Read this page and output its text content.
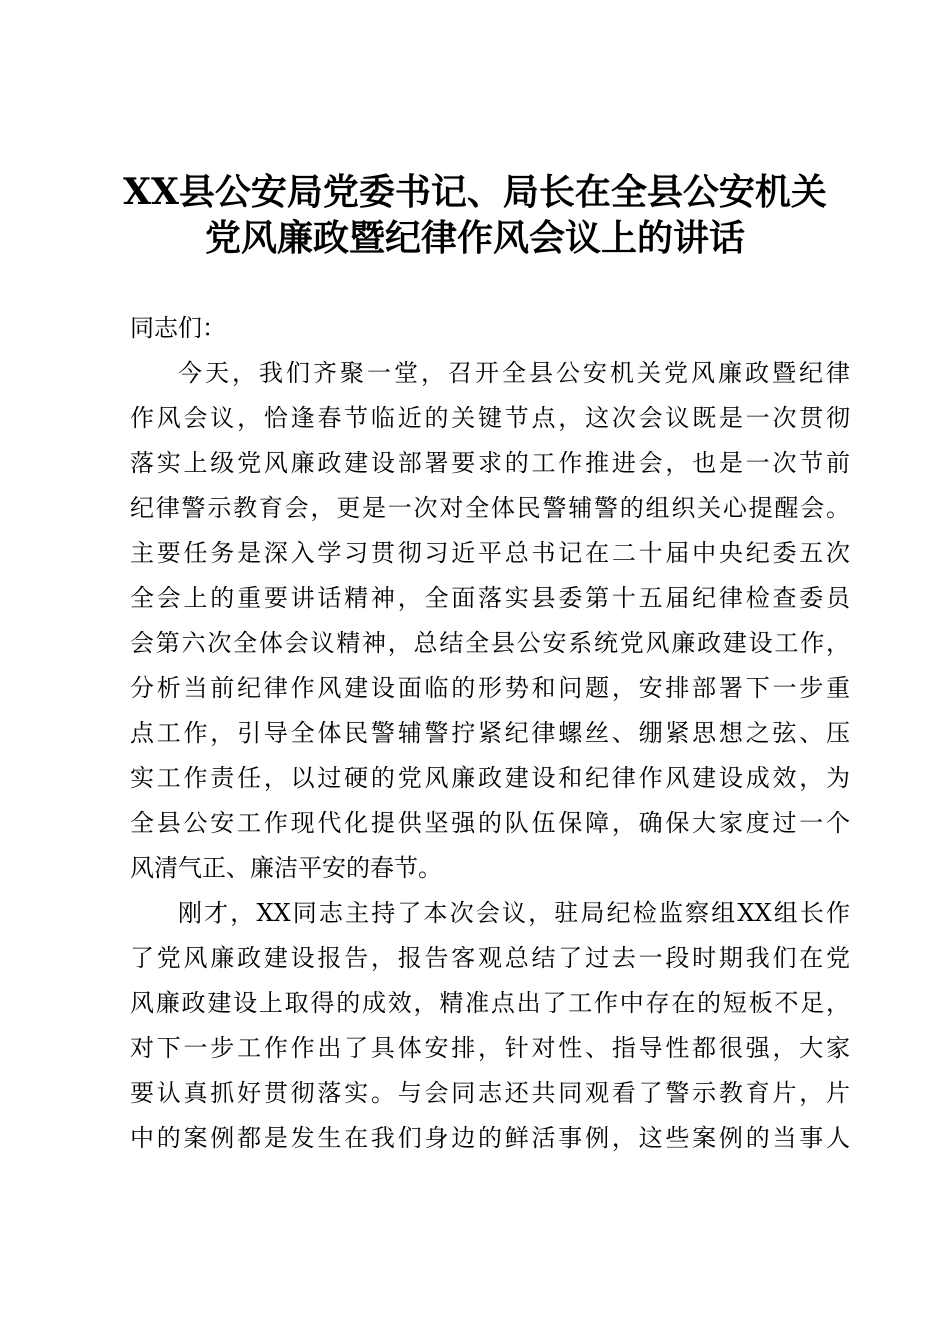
XX县公安局党委书记、局长在全县公安机关
党风廉政暨纪律作风会议上的讲话
同志们：
今天，我们齐聚一堂，召开全县公安机关党风廉政暨纪律
作风会议，恰逢春节临近的关键节点，这次会议既是一次贯彻
落实上级党风廉政建设部署要求的工作推进会，也是一次节前
纪律警示教育会，更是一次对全体民警辅警的组织关心提醒会。
主要任务是深入学习贯彻习近平总书记在二十届中央纪委五次
全会上的重要讲话精神，全面落实县委第十五届纪律检查委员
会第六次全体会议精神，总结全县公安系统党风廉政建设工作，
分析当前纪律作风建设面临的形势和问题，安排部署下一步重
点工作，引导全体民警辅警拧紧纪律螺丝、绷紧思想之弦、压
实工作责任，以过硬的党风廉政建设和纪律作风建设成效，为
全县公安工作现代化提供坚强的队伍保障，确保大家度过一个
风清气正、廉洁平安的春节。
刚才，XX同志主持了本次会议，驻局纪检监察组XX组长作
了党风廉政建设报告，报告客观总结了过去一段时期我们在党
风廉政建设上取得的成效，精准点出了工作中存在的短板不足，
对下一步工作作出了具体安排，针对性、指导性都很强，大家
要认真抓好贯彻落实。与会同志还共同观看了警示教育片，片
中的案例都是发生在我们身边的鲜活事例，这些案例的当事人
